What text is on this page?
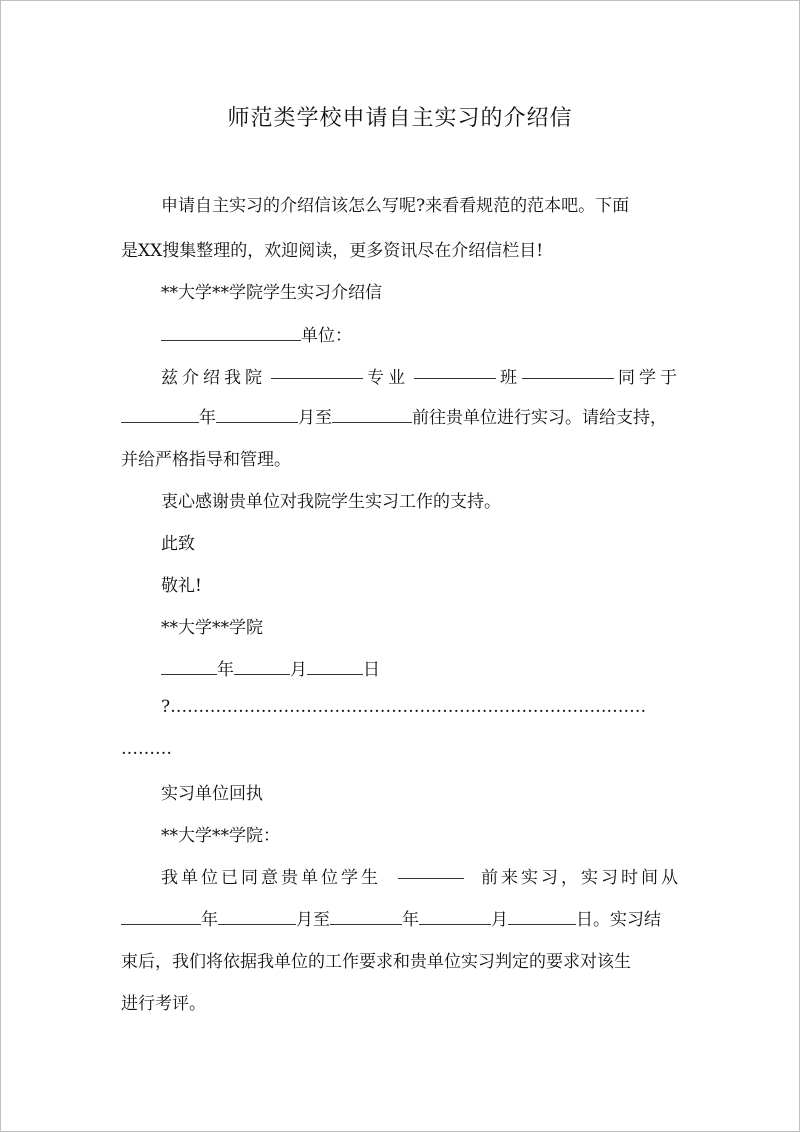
师范类学校申请自主实习的介绍信
申请自主实习的介绍信该怎么写呢?来看看规范的范本吧。下面
是XX搜集整理的，欢迎阅读，更多资讯尽在介绍信栏目!
**大学**学院学生实习介绍信
单位：
兹介绍我院	专业	班	同学于
年	月至	前往贵单位进行实习。请给支持，
并给严格指导和管理。
衷心感谢贵单位对我院学生实习工作的支持。
此致
敬礼!
**大学**学院
年	月	日
?…………………………………………………………………………
………
实习单位回执
**大学**学院：
我单位已同意贵单位学生	前来实习，实习时间从
年	月至	年	月	日。实习结
束后，我们将依据我单位的工作要求和贵单位实习判定的要求对该生
进行考评。
